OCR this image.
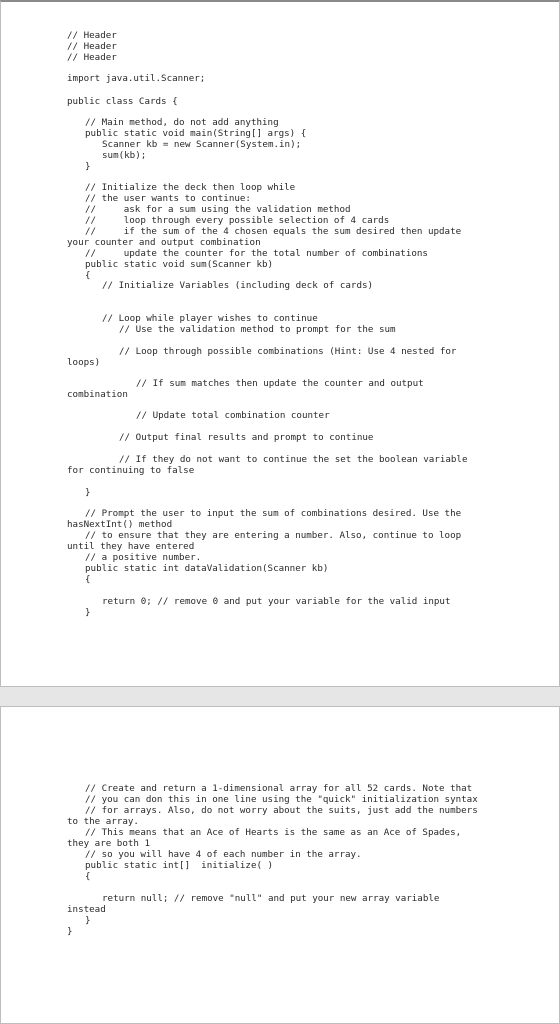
// Header
// Header
// Header
import java.util.Scanner;
public class Cards {
// Main method, do not add anything
public static void main(String[] args) {
Scanner kb = new Scanner(System.in);
sum(kb);
}
// Initialize the deck then loop while
// the user wants to continue:
//     ask for a sum using the validation method
//     loop through every possible selection of 4 cards
//     if the sum of the 4 chosen equals the sum desired then update
your counter and output combination
//     update the counter for the total number of combinations
public static void sum(Scanner kb)
{
// Initialize Variables (including deck of cards)
// Loop while player wishes to continue
// Use the validation method to prompt for the sum
// Loop through possible combinations (Hint: Use 4 nested for
loops)
// If sum matches then update the counter and output
combination
// Update total combination counter
// Output final results and prompt to continue
// If they do not want to continue the set the boolean variable
for continuing to false
}
// Prompt the user to input the sum of combinations desired. Use the
hasNextInt() method
// to ensure that they are entering a number. Also, continue to loop
until they have entered
// a positive number.
public static int dataValidation(Scanner kb)
{
return 0; // remove 0 and put your variable for the valid input
}
// Create and return a 1-dimensional array for all 52 cards. Note that
// you can don this in one line using the "quick" initialization syntax
// for arrays. Also, do not worry about the suits, just add the numbers
to the array.
// This means that an Ace of Hearts is the same as an Ace of Spades,
they are both 1
// so you will have 4 of each number in the array.
public static int[]  initialize( )
{
return null; // remove "null" and put your new array variable
instead
}
}
